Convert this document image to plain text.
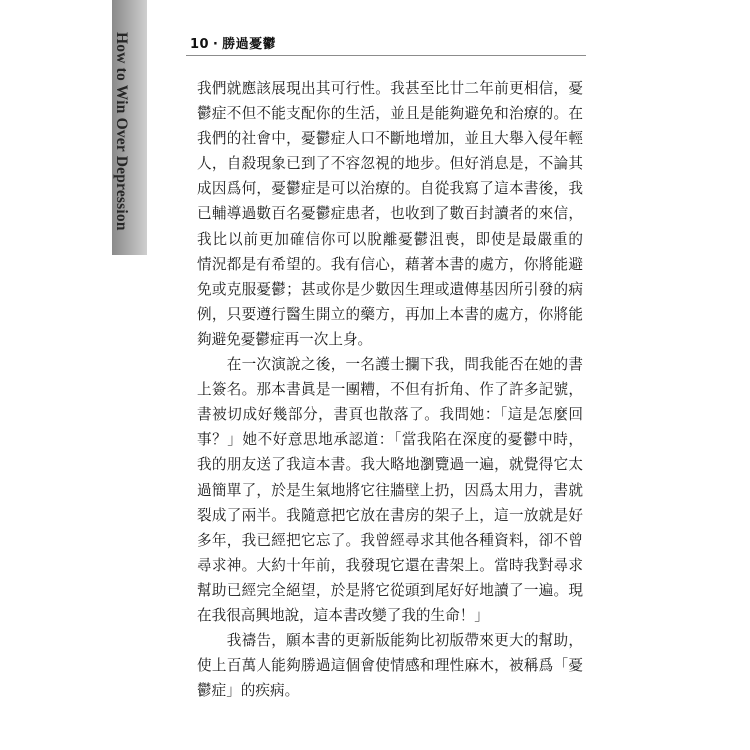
How to Win Over Depression	10 ‧ 勝過憂鬱
我們就應該展現出其可行性。我甚至比廿二年前更相信，憂
鬱症不但不能支配你的生活，並且是能夠避免和治療的。在
我們的社會中，憂鬱症人口不斷地增加，並且大舉入侵年輕
人，自殺現象已到了不容忽視的地步。但好消息是，不論其
成因爲何，憂鬱症是可以治療的。自從我寫了這本書後，我
已輔導過數百名憂鬱症患者，也收到了數百封讀者的來信，
我比以前更加確信你可以脫離憂鬱沮喪，即使是最嚴重的
情況都是有希望的。我有信心，藉著本書的處方，你將能避
免或克服憂鬱；甚或你是少數因生理或遺傳基因所引發的病
例，只要遵行醫生開立的藥方，再加上本書的處方，你將能
夠避免憂鬱症再一次上身。
　　在一次演說之後，一名護士攔下我，問我能否在她的書
上簽名。那本書眞是一團糟，不但有折角、作了許多記號，
書被切成好幾部分，書頁也散落了。我問她：「這是怎麼回
事？」她不好意思地承認道：「當我陷在深度的憂鬱中時，
我的朋友送了我這本書。我大略地瀏覽過一遍，就覺得它太
過簡單了，於是生氣地將它往牆壁上扔，因爲太用力，書就
裂成了兩半。我隨意把它放在書房的架子上，這一放就是好
多年，我已經把它忘了。我曾經尋求其他各種資料，卻不曾
尋求神。大約十年前，我發現它還在書架上。當時我對尋求
幫助已經完全絕望，於是將它從頭到尾好好地讀了一遍。現
在我很高興地說，這本書改變了我的生命！」
　　我禱告，願本書的更新版能夠比初版帶來更大的幫助，
使上百萬人能夠勝過這個會使情感和理性麻木，被稱爲「憂
鬱症」的疾病。
